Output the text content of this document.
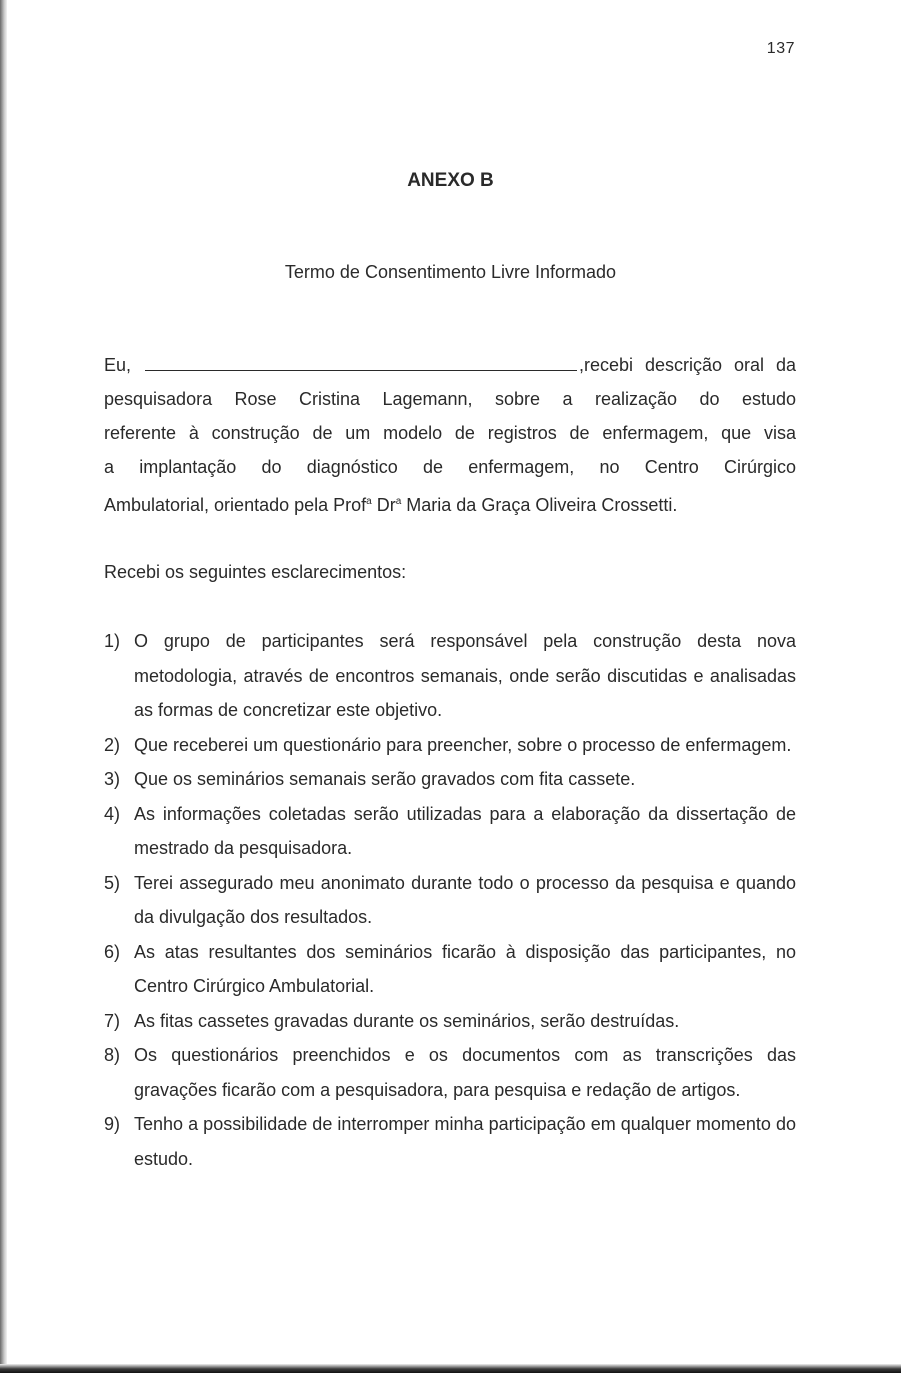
137
ANEXO B
Termo de Consentimento Livre Informado
Eu,	,recebi descrição oral da
pesquisadora Rose Cristina Lagemann, sobre a realização do estudo
referente à construção de um modelo de registros de enfermagem, que visa
a implantação do diagnóstico de enfermagem, no Centro Cirúrgico
Ambulatorial, orientado pela Prof$^a$ Dr$^a$ Maria da Graça Oliveira Crossetti.
Recebi os seguintes esclarecimentos:
1) O grupo de participantes será responsável pela construção desta nova metodologia, através de encontros semanais, onde serão discutidas e analisadas as formas de concretizar este objetivo.
2) Que receberei um questionário para preencher, sobre o processo de enfermagem.
3) Que os seminários semanais serão gravados com fita cassete.
4) As informações coletadas serão utilizadas para a elaboração da dissertação de mestrado da pesquisadora.
5) Terei assegurado meu anonimato durante todo o processo da pesquisa e quando da divulgação dos resultados.
6) As atas resultantes dos seminários ficarão à disposição das participantes, no Centro Cirúrgico Ambulatorial.
7) As fitas cassetes gravadas durante os seminários, serão destruídas.
8) Os questionários preenchidos e os documentos com as transcrições das gravações ficarão com a pesquisadora, para pesquisa e redação de artigos.
9) Tenho a possibilidade de interromper minha participação em qualquer momento do estudo.
